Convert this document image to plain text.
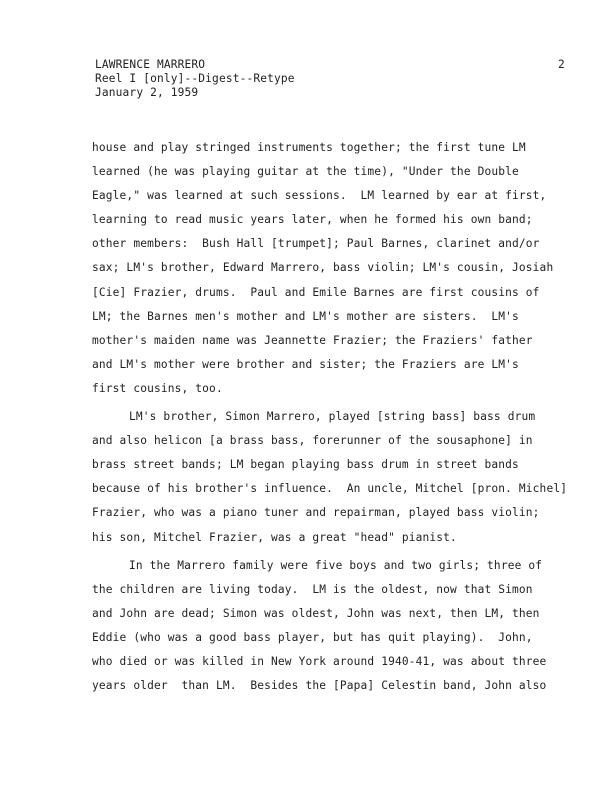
LAWRENCE MARRERO
Reel I [only]--Digest--Retype
January 2, 1959
2
house and play stringed instruments together; the first tune LM
learned (he was playing guitar at the time), "Under the Double
Eagle," was learned at such sessions.  LM learned by ear at first,
learning to read music years later, when he formed his own band;
other members:  Bush Hall [trumpet]; Paul Barnes, clarinet and/or
sax; LM's brother, Edward Marrero, bass violin; LM's cousin, Josiah
[Cie] Frazier, drums.  Paul and Emile Barnes are first cousins of
LM; the Barnes men's mother and LM's mother are sisters.  LM's
mother's maiden name was Jeannette Frazier; the Fraziers' father
and LM's mother were brother and sister; the Fraziers are LM's
first cousins, too.
LM's brother, Simon Marrero, played [string bass] bass drum
and also helicon [a brass bass, forerunner of the sousaphone] in
brass street bands; LM began playing bass drum in street bands
because of his brother's influence.  An uncle, Mitchel [pron. Michel]
Frazier, who was a piano tuner and repairman, played bass violin;
his son, Mitchel Frazier, was a great "head" pianist.
In the Marrero family were five boys and two girls; three of
the children are living today.  LM is the oldest, now that Simon
and John are dead; Simon was oldest, John was next, then LM, then
Eddie (who was a good bass player, but has quit playing).  John,
who died or was killed in New York around 1940-41, was about three
years older  than LM.  Besides the [Papa] Celestin band, John also
